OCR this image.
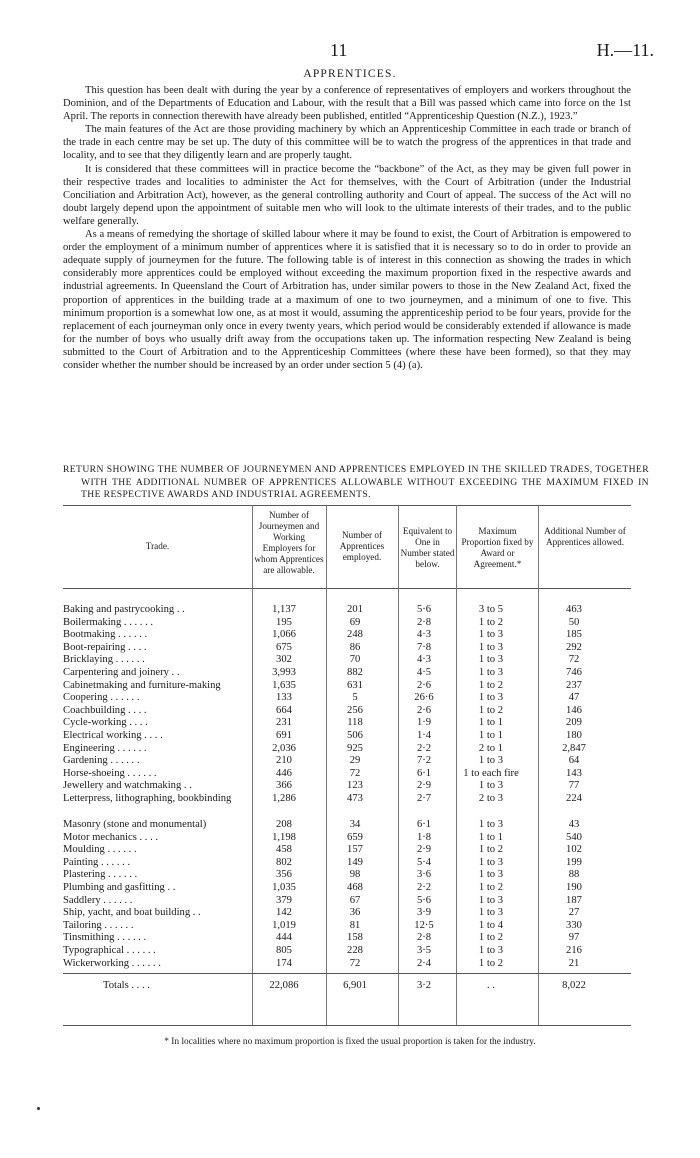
11	H.—11.
APPRENTICES.

This question has been dealt with during the year by a conference of representatives of employers and workers throughout the Dominion, and of the Departments of Education and Labour, with the result that a Bill was passed which came into force on the 1st April. The reports in connection therewith have already been published, entitled “Apprenticeship Question (N.Z.), 1923.”

The main features of the Act are those providing machinery by which an Apprenticeship Committee in each trade or branch of the trade in each centre may be set up. The duty of this committee will be to watch the progress of the apprentices in that trade and locality, and to see that they diligently learn and are properly taught.

It is considered that these committees will in practice become the “backbone” of the Act, as they may be given full power in their respective trades and localities to administer the Act for themselves, with the Court of Arbitration (under the Industrial Conciliation and Arbitration Act), however, as the general controlling authority and Court of appeal. The success of the Act will no doubt largely depend upon the appointment of suitable men who will look to the ultimate interests of their trades, and to the public welfare generally.

As a means of remedying the shortage of skilled labour where it may be found to exist, the Court of Arbitration is empowered to order the employment of a minimum number of apprentices where it is satisfied that it is necessary so to do in order to provide an adequate supply of journeymen for the future. The following table is of interest in this connection as showing the trades in which considerably more apprentices could be employed without exceeding the maximum proportion fixed in the respective awards and industrial agreements. In Queensland the Court of Arbitration has, under similar powers to those in the New Zealand Act, fixed the proportion of apprentices in the building trade at a maximum of one to two journeymen, and a minimum of one to five. This minimum proportion is a somewhat low one, as at most it would, assuming the apprenticeship period to be four years, provide for the replacement of each journeyman only once in every twenty years, which period would be considerably extended if allowance is made for the number of boys who usually drift away from the occupations taken up. The information respecting New Zealand is being submitted to the Court of Arbitration and to the Apprenticeship Committees (where these have been formed), so that they may consider whether the number should be increased by an order under section 5 (4) (a).

RETURN SHOWING THE NUMBER OF JOURNEYMEN AND APPRENTICES EMPLOYED IN THE SKILLED TRADES, TOGETHER WITH THE ADDITIONAL NUMBER OF APPRENTICES ALLOWABLE WITHOUT EXCEEDING THE MAXIMUM FIXED IN THE RESPECTIVE AWARDS AND INDUSTRIAL AGREEMENTS.
Trade.
Number of Journeymen and Working Employers for whom Apprentices are allowable.
Number of Apprentices employed.
Equivalent to One in Number stated below.
Maximum Proportion fixed by Award or Agreement.*
Additional Number of Apprentices allowed.
Baking and pastrycooking . .	1,137	201	5·6	3 to 5	463
Boilermaking . . . . . .	195	69	2·8	1 to 2	50
Bootmaking . . . . . .	1,066	248	4·3	1 to 3	185
Boot-repairing . . . .	675	86	7·8	1 to 3	292
Bricklaying . . . . . .	302	70	4·3	1 to 3	72
Carpentering and joinery . .	3,993	882	4·5	1 to 3	746
Cabinetmaking and furniture-making	1,635	631	2·6	1 to 2	237
Coopering . . . . . .	133	5	26·6	1 to 3	47
Coachbuilding . . . .	664	256	2·6	1 to 2	146
Cycle-working . . . .	231	118	1·9	1 to 1	209
Electrical working . . . .	691	506	1·4	1 to 1	180
Engineering . . . . . .	2,036	925	2·2	2 to 1	2,847
Gardening . . . . . .	210	29	7·2	1 to 3	64
Horse-shoeing . . . . . .	446	72	6·1	1 to each fire	143
Jewellery and watchmaking . .	366	123	2·9	1 to 3	77
Letterpress, lithographing, bookbinding	1,286	473	2·7	2 to 3	224
Masonry (stone and monumental)	208	34	6·1	1 to 3	43
Motor mechanics . . . .	1,198	659	1·8	1 to 1	540
Moulding . . . . . .	458	157	2·9	1 to 2	102
Painting . . . . . .	802	149	5·4	1 to 3	199
Plastering . . . . . .	356	98	3·6	1 to 3	88
Plumbing and gasfitting . .	1,035	468	2·2	1 to 2	190
Saddlery . . . . . .	379	67	5·6	1 to 3	187
Ship, yacht, and boat building . .	142	36	3·9	1 to 3	27
Tailoring . . . . . .	1,019	81	12·5	1 to 4	330
Tinsmithing . . . . . .	444	158	2·8	1 to 2	97
Typographical . . . . . .	805	228	3·5	1 to 3	216
Wickerworking . . . . . .	174	72	2·4	1 to 2	21
Totals . . . .	22,086	6,901	3·2	. .	8,022
* In localities where no maximum proportion is fixed the usual proportion is taken for the industry.
